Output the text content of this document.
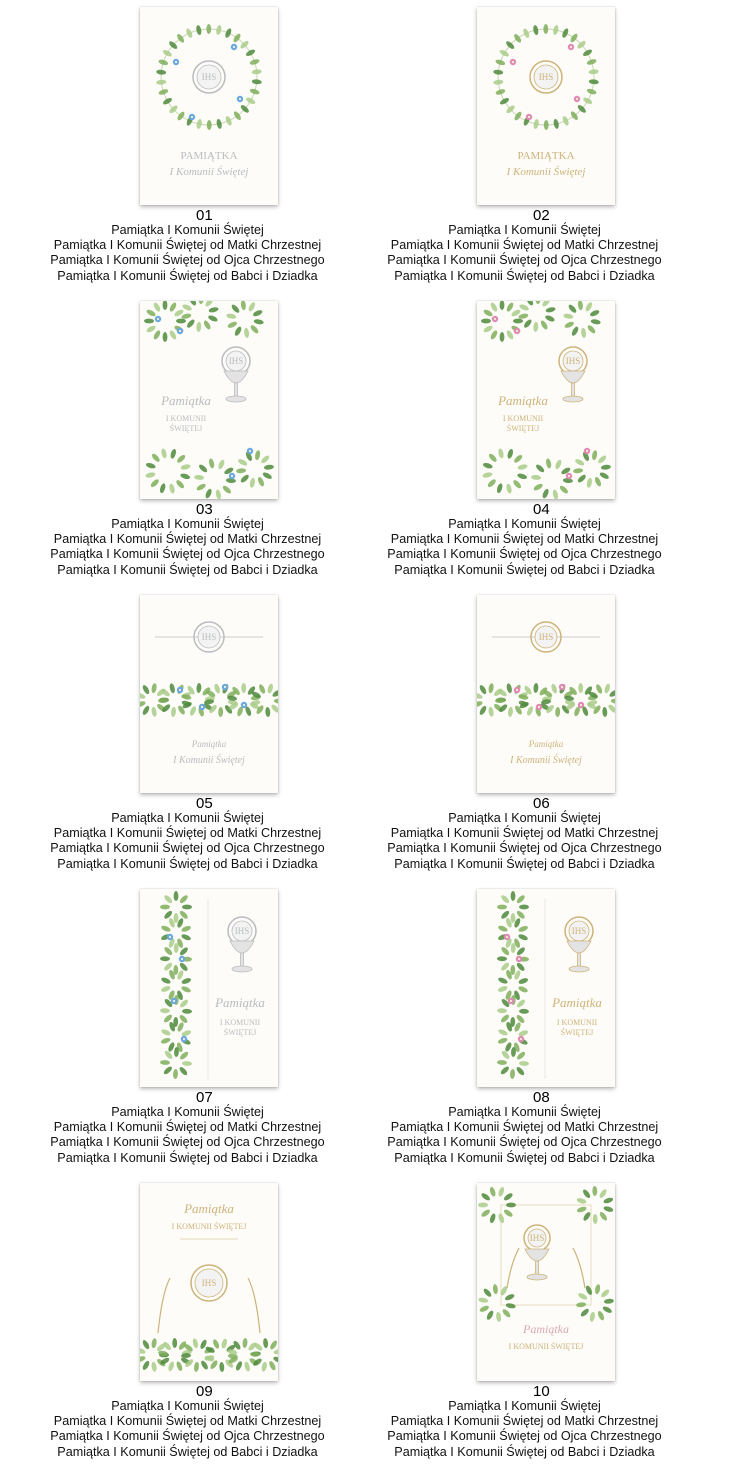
IHS
PAMIĄTKA
I Komunii Świętej
01
Pamiątka I Komunii Świętej
Pamiątka I Komunii Świętej od Matki Chrzestnej
Pamiątka I Komunii Świętej od Ojca Chrzestnego
Pamiątka I Komunii Świętej od Babci i Dziadka
IHS
PAMIĄTKA
I Komunii Świętej
02
Pamiątka I Komunii Świętej
Pamiątka I Komunii Świętej od Matki Chrzestnej
Pamiątka I Komunii Świętej od Ojca Chrzestnego
Pamiątka I Komunii Świętej od Babci i Dziadka
IHS
Pamiątka
I KOMUNII
ŚWIĘTEJ
03
Pamiątka I Komunii Świętej
Pamiątka I Komunii Świętej od Matki Chrzestnej
Pamiątka I Komunii Świętej od Ojca Chrzestnego
Pamiątka I Komunii Świętej od Babci i Dziadka
IHS
Pamiątka
I KOMUNII
ŚWIĘTEJ
04
Pamiątka I Komunii Świętej
Pamiątka I Komunii Świętej od Matki Chrzestnej
Pamiątka I Komunii Świętej od Ojca Chrzestnego
Pamiątka I Komunii Świętej od Babci i Dziadka
IHS
Pamiątka
I Komunii Świętej
05
Pamiątka I Komunii Świętej
Pamiątka I Komunii Świętej od Matki Chrzestnej
Pamiątka I Komunii Świętej od Ojca Chrzestnego
Pamiątka I Komunii Świętej od Babci i Dziadka
IHS
Pamiątka
I Komunii Świętej
06
Pamiątka I Komunii Świętej
Pamiątka I Komunii Świętej od Matki Chrzestnej
Pamiątka I Komunii Świętej od Ojca Chrzestnego
Pamiątka I Komunii Świętej od Babci i Dziadka
IHS
Pamiątka
I KOMUNII
ŚWIĘTEJ
07
Pamiątka I Komunii Świętej
Pamiątka I Komunii Świętej od Matki Chrzestnej
Pamiątka I Komunii Świętej od Ojca Chrzestnego
Pamiątka I Komunii Świętej od Babci i Dziadka
IHS
Pamiątka
I KOMUNII
ŚWIĘTEJ
08
Pamiątka I Komunii Świętej
Pamiątka I Komunii Świętej od Matki Chrzestnej
Pamiątka I Komunii Świętej od Ojca Chrzestnego
Pamiątka I Komunii Świętej od Babci i Dziadka
Pamiątka
I KOMUNII ŚWIĘTEJ
IHS
09
Pamiątka I Komunii Świętej
Pamiątka I Komunii Świętej od Matki Chrzestnej
Pamiątka I Komunii Świętej od Ojca Chrzestnego
Pamiątka I Komunii Świętej od Babci i Dziadka
IHS
Pamiątka
I KOMUNII ŚWIĘTEJ
10
Pamiątka I Komunii Świętej
Pamiątka I Komunii Świętej od Matki Chrzestnej
Pamiątka I Komunii Świętej od Ojca Chrzestnego
Pamiątka I Komunii Świętej od Babci i Dziadka
